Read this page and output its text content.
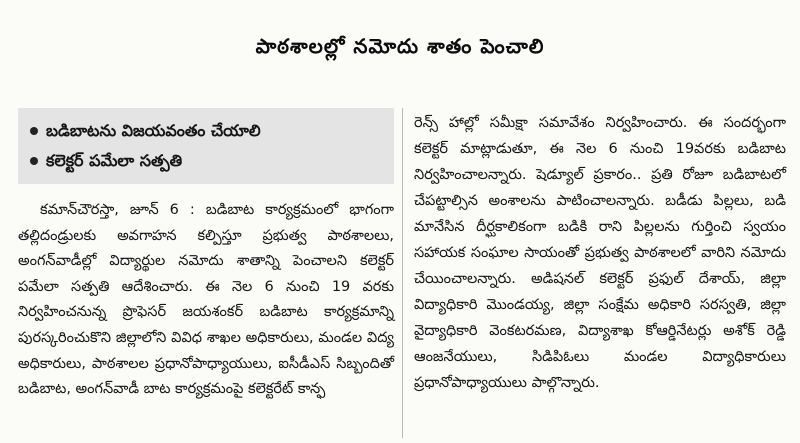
పాఠశాలల్లో నమోదు శాతం పెంచాలి
బడిబాటను విజయవంతం చేయాలి
కలెక్టర్ పమేలా సత్పతి

కమాన్‌చౌరస్తా, జూన్ 6 : బడిబాట కార్యక్రమంలో భాగంగా తల్లిదండ్రులకు అవగాహన కల్పిస్తూ ప్రభుత్వ పాఠశాలలు, అంగన్‌వాడీల్లో విద్యార్థుల నమోదు శాతాన్ని పెంచాలని కలెక్టర్ పమేలా సత్పతి ఆదేశించారు. ఈ నెల 6 నుంచి 19 వరకు నిర్వహించనున్న ప్రొఫెసర్ జయశంకర్ బడిబాట కార్యక్రమాన్ని పురస్కరించుకొని జిల్లాలోని వివిధ శాఖల అధికారులు, మండల విద్య అధికారులు, పాఠశాలల ప్రధానోపాధ్యాయులు, ఐసీడీఎస్ సిబ్బందితో బడిబాట, అంగన్‌వాడీ బాట కార్యక్రమంపై కలెక్టరేట్ కాన్ఫ

రెన్స్ హాల్లో సమీక్షా సమావేశం నిర్వహించారు. ఈ సందర్భంగా కలెక్టర్ మాట్లాడుతూ, ఈ నెల 6 నుంచి 19వరకు బడిబాట నిర్వహించాలన్నారు. షెడ్యూల్ ప్రకారం.. ప్రతి రోజూ బడిబాటలో చేపట్టాల్సిన అంశాలను పాటించాలన్నారు. బడీడు పిల్లలు, బడి మానేసిన దీర్ఘకాలికంగా బడికి రాని పిల్లలను గుర్తించి స్వయం సహాయక సంఘాల సాయంతో ప్రభుత్వ పాఠశాలలో వారిని నమోదు చేయించాలన్నారు. అడిషనల్ కలెక్టర్ ప్రఫుల్ దేశాయ్, జిల్లా విద్యాధికారి మొండయ్య, జిల్లా సంక్షేమ అధికారి సరస్వతి, జిల్లా వైద్యాధికారి వెంకటరమణ, విద్యాశాఖ కోఆర్డినేటర్లు అశోక్ రెడ్డి ఆంజనేయులు, సిడిపిఓలు మండల విద్యాధికారులు ప్రధానోపాధ్యాయులు పాల్గొన్నారు.
